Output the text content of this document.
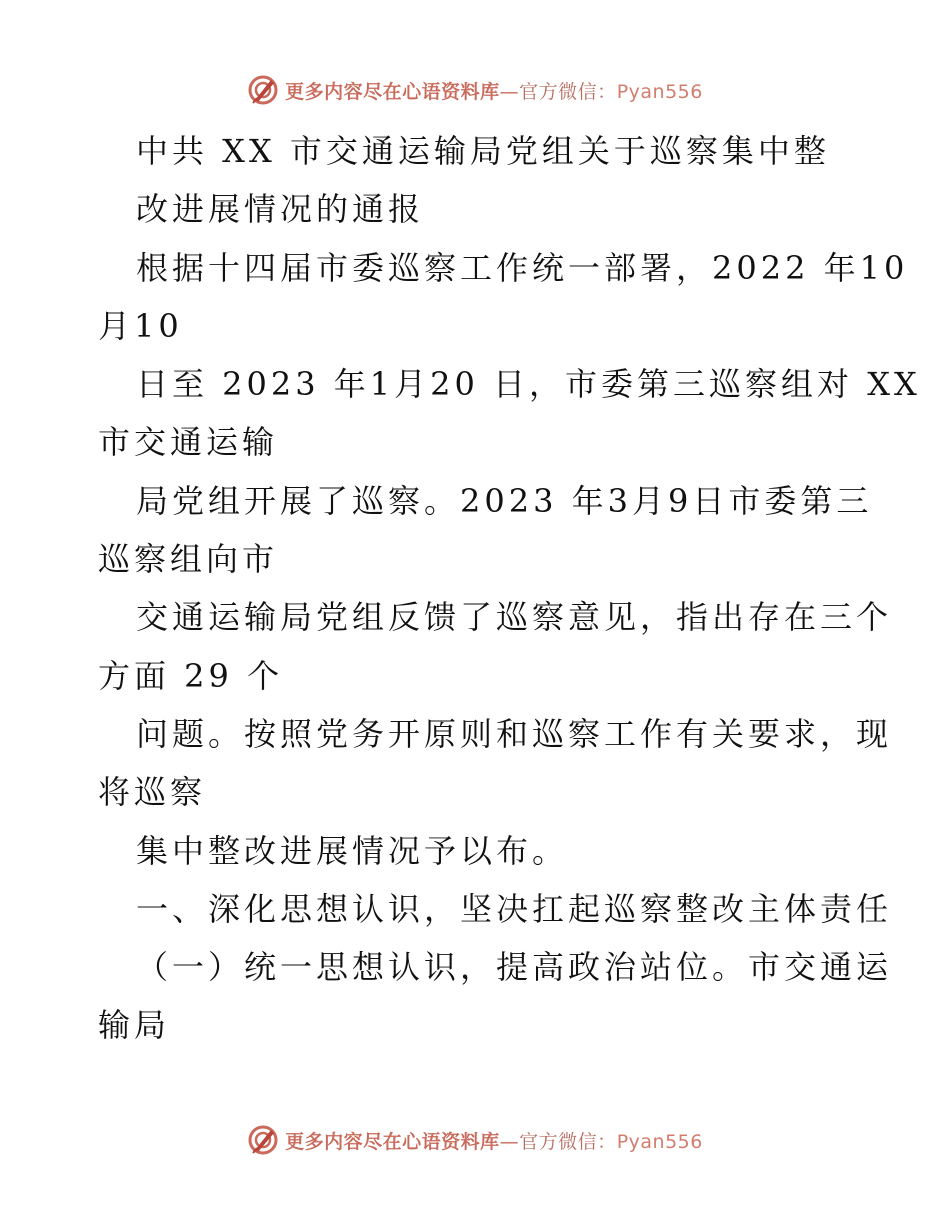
更多内容尽在心语资料库—官方微信：Pyan556
中共 XX 市交通运输局党组关于巡察集中整
改进展情况的通报
根据十四届市委巡察工作统一部署，2022 年10
月10
日至 2023 年1月20 日，市委第三巡察组对 XX
市交通运输
局党组开展了巡察。2023 年3月9日市委第三
巡察组向市
交通运输局党组反馈了巡察意见，指出存在三个
方面 29 个
问题。按照党务开原则和巡察工作有关要求，现
将巡察
集中整改进展情况予以布。
一、深化思想认识，坚决扛起巡察整改主体责任
（一）统一思想认识，提高政治站位。市交通运
输局
更多内容尽在心语资料库—官方微信：Pyan556
